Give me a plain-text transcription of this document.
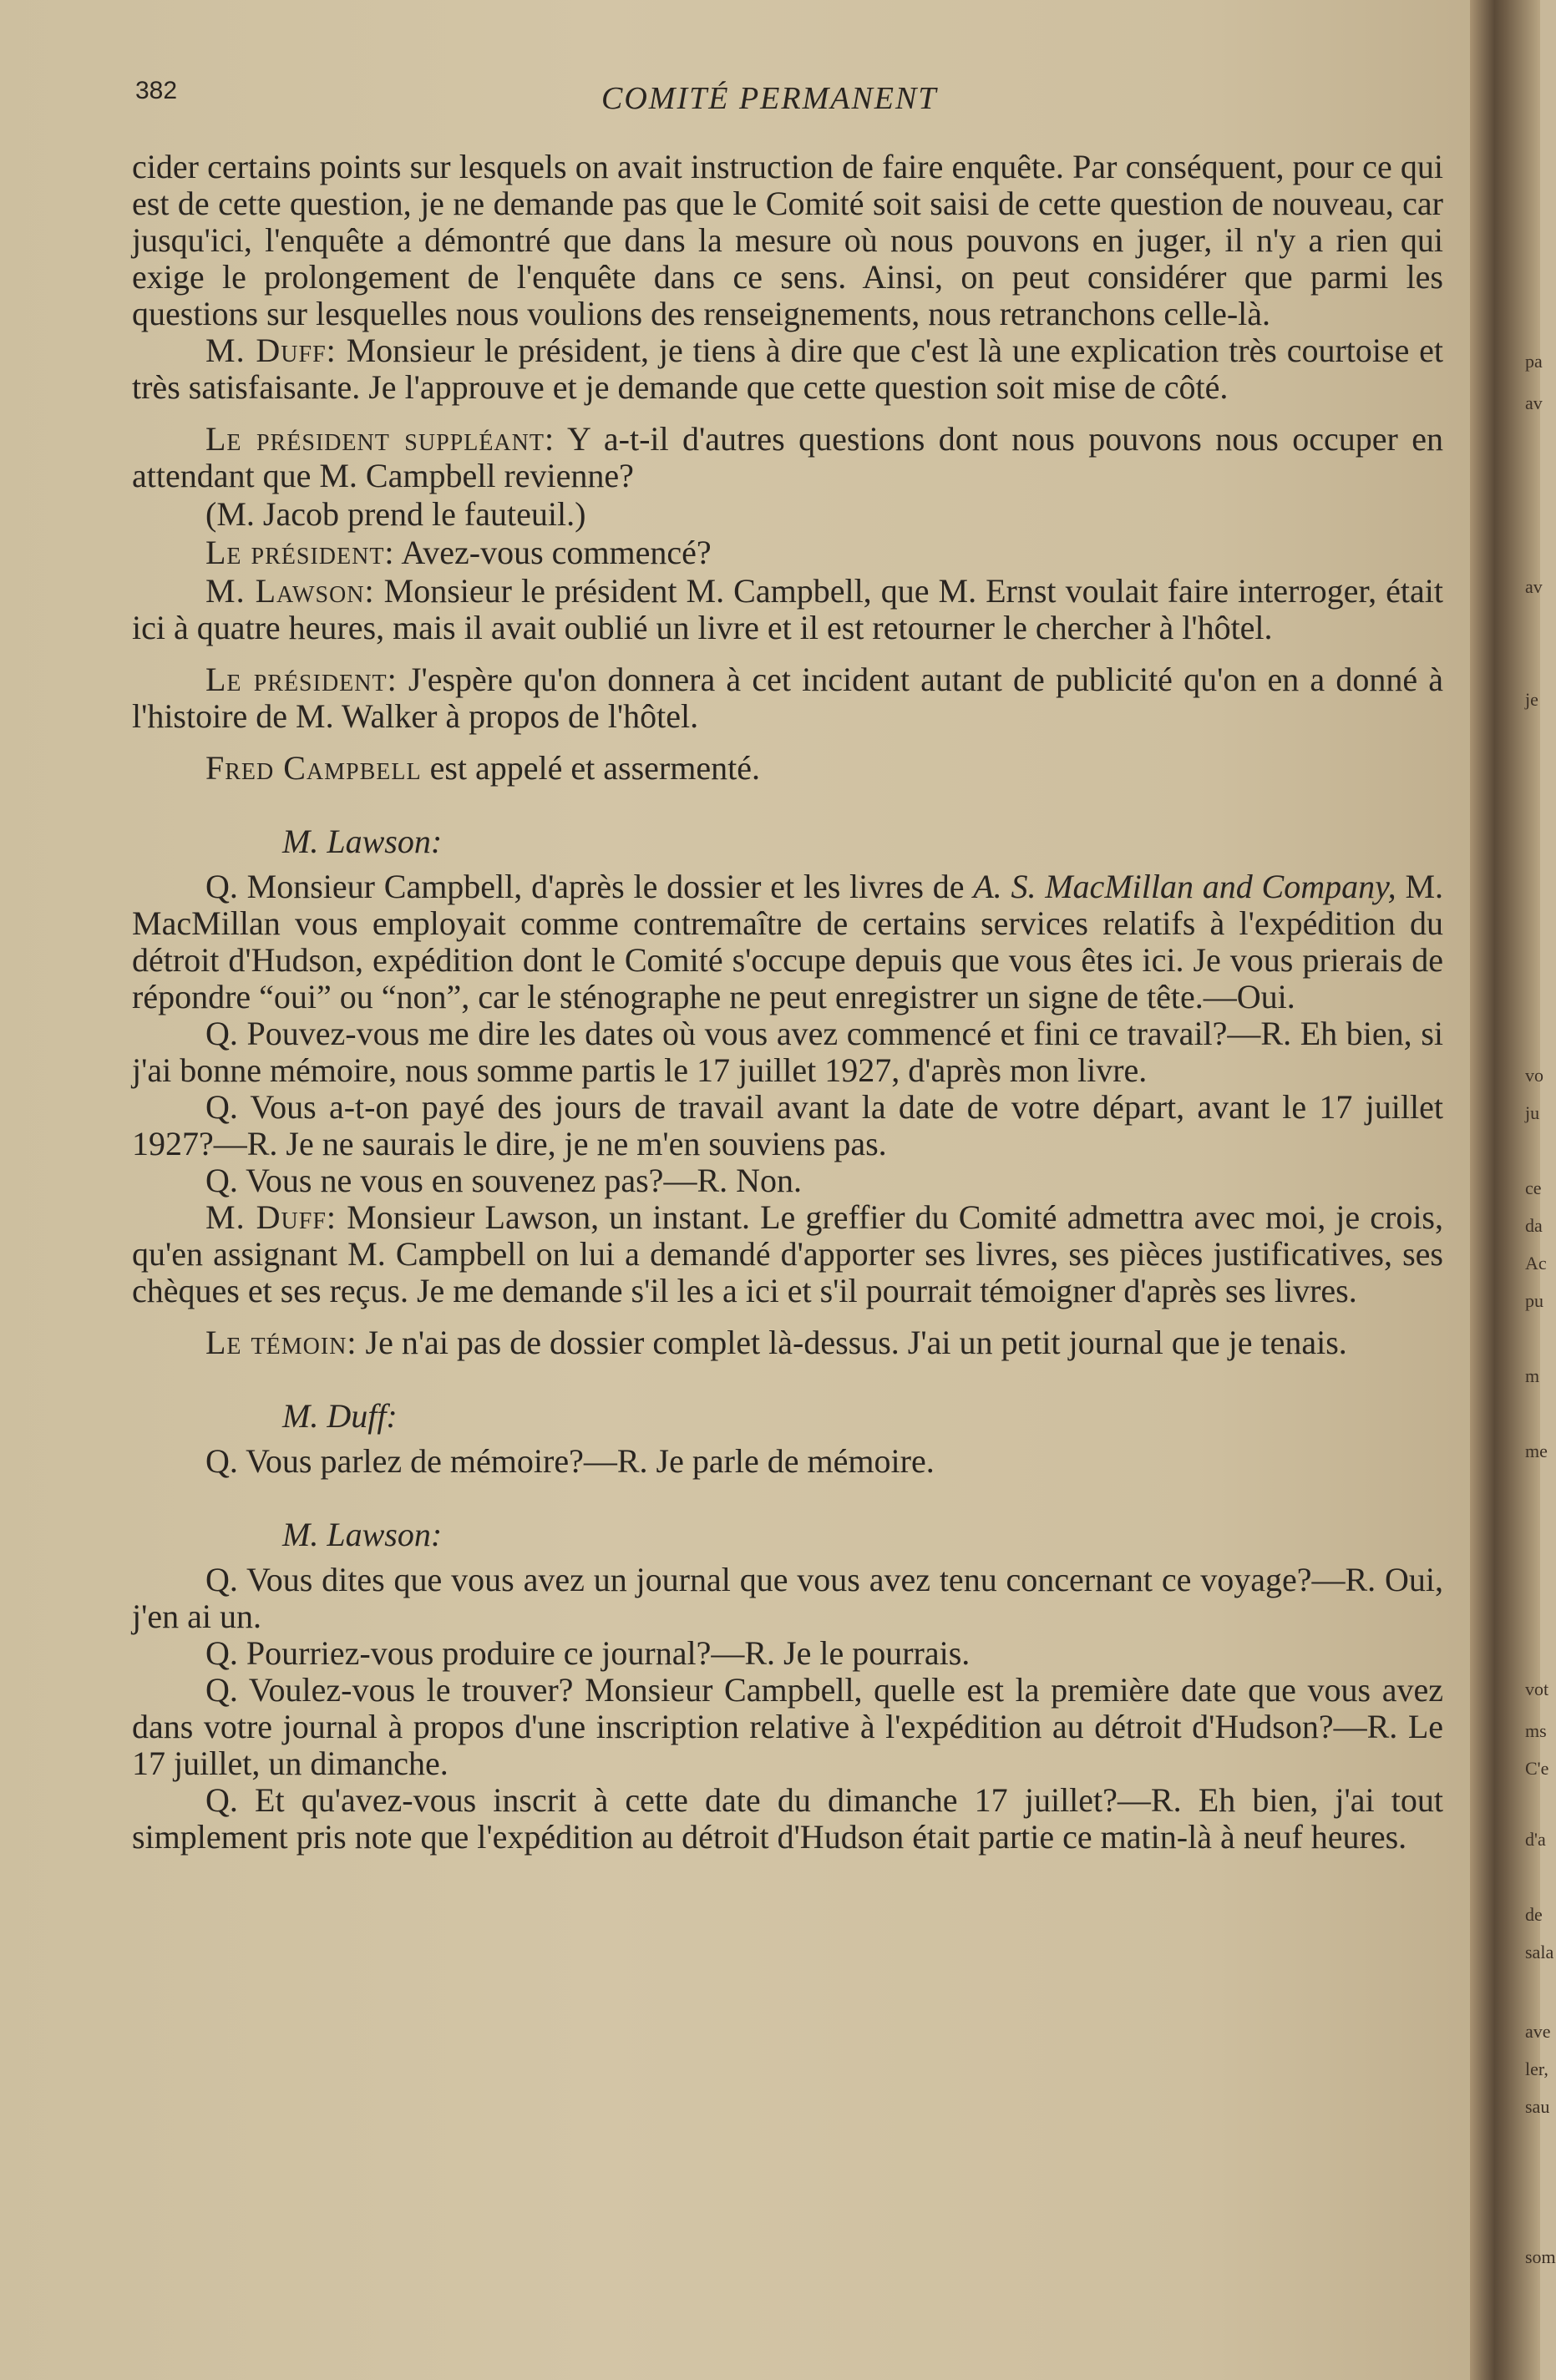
382	COMITÉ PERMANENT

cider certains points sur lesquels on avait instruction de faire enquête. Par conséquent, pour ce qui est de cette question, je ne demande pas que le Comité soit saisi de cette question de nouveau, car jusqu'ici, l'enquête a démontré que dans la mesure où nous pouvons en juger, il n'y a rien qui exige le prolongement de l'enquête dans ce sens. Ainsi, on peut considérer que parmi les questions sur lesquelles nous voulions des renseignements, nous retranchons celle-là.

M. Duff: Monsieur le président, je tiens à dire que c'est là une explication très courtoise et très satisfaisante. Je l'approuve et je demande que cette question soit mise de côté.

Le président suppléant: Y a-t-il d'autres questions dont nous pouvons nous occuper en attendant que M. Campbell revienne?

(M. Jacob prend le fauteuil.)

Le président: Avez-vous commencé?

M. Lawson: Monsieur le président M. Campbell, que M. Ernst voulait faire interroger, était ici à quatre heures, mais il avait oublié un livre et il est retourner le chercher à l'hôtel.

Le président: J'espère qu'on donnera à cet incident autant de publicité qu'on en a donné à l'histoire de M. Walker à propos de l'hôtel.

Fred Campbell est appelé et assermenté.

M. Lawson:

Q. Monsieur Campbell, d'après le dossier et les livres de A. S. MacMillan and Company, M. MacMillan vous employait comme contremaître de certains services relatifs à l'expédition du détroit d'Hudson, expédition dont le Comité s'occupe depuis que vous êtes ici. Je vous prierais de répondre “oui” ou “non”, car le sténographe ne peut enregistrer un signe de tête.—Oui.

Q. Pouvez-vous me dire les dates où vous avez commencé et fini ce travail?—R. Eh bien, si j'ai bonne mémoire, nous somme partis le 17 juillet 1927, d'après mon livre.

Q. Vous a-t-on payé des jours de travail avant la date de votre départ, avant le 17 juillet 1927?—R. Je ne saurais le dire, je ne m'en souviens pas.

Q. Vous ne vous en souvenez pas?—R. Non.

M. Duff: Monsieur Lawson, un instant. Le greffier du Comité admettra avec moi, je crois, qu'en assignant M. Campbell on lui a demandé d'apporter ses livres, ses pièces justificatives, ses chèques et ses reçus. Je me demande s'il les a ici et s'il pourrait témoigner d'après ses livres.

Le témoin: Je n'ai pas de dossier complet là-dessus. J'ai un petit journal que je tenais.

M. Duff:

Q. Vous parlez de mémoire?—R. Je parle de mémoire.

M. Lawson:

Q. Vous dites que vous avez un journal que vous avez tenu concernant ce voyage?—R. Oui, j'en ai un.

Q. Pourriez-vous produire ce journal?—R. Je le pourrais.

Q. Voulez-vous le trouver? Monsieur Campbell, quelle est la première date que vous avez dans votre journal à propos d'une inscription relative à l'expédition au détroit d'Hudson?—R. Le 17 juillet, un dimanche.

Q. Et qu'avez-vous inscrit à cette date du dimanche 17 juillet?—R. Eh bien, j'ai tout simplement pris note que l'expédition au détroit d'Hudson était partie ce matin-là à neuf heures.

pa
av
av
je
vo
ju
ce
da
Ac
pu
m
me
vot
ms
C'e
d'a
de
sala
ave
ler,
sau
som
